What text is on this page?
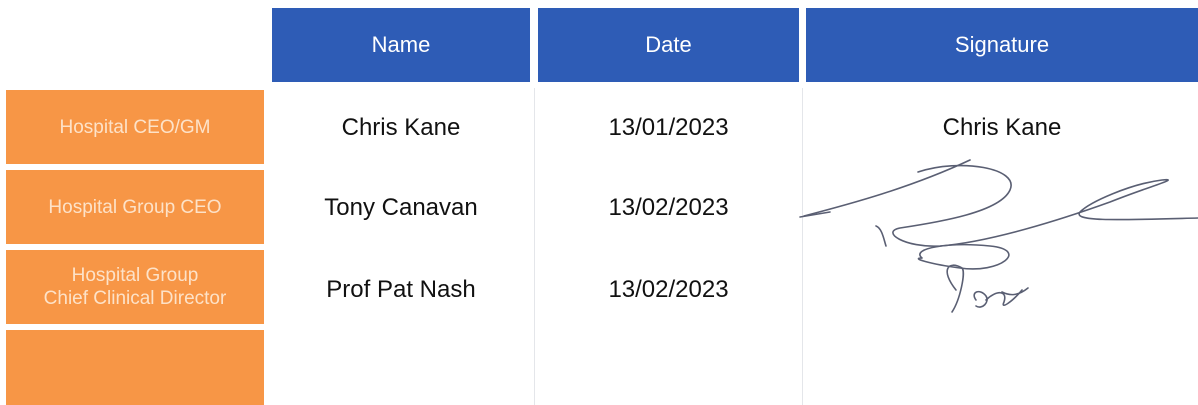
Name	Date	Signature
Hospital CEO/GM	Chris Kane	13/01/2023	Chris Kane
Hospital Group CEO	Tony Canavan	13/02/2023
Hospital Group
Chief Clinical Director	Prof Pat Nash	13/02/2023
